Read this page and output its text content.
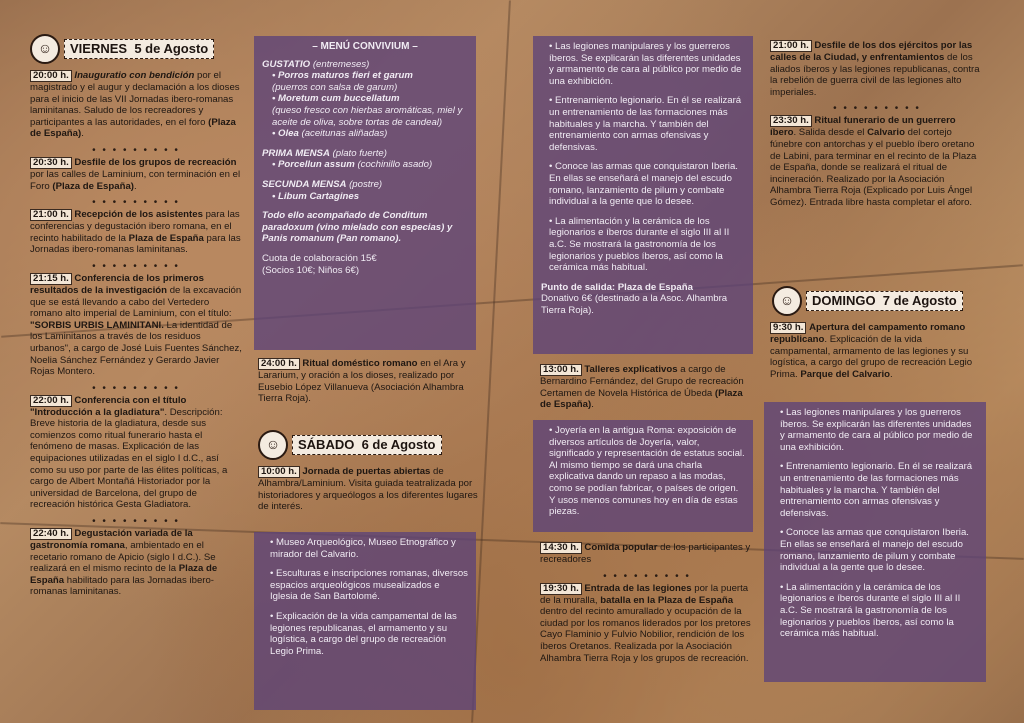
☺	VIERNES 5 de Agosto
20:00 h. Inauguratio con bendición por el magistrado y el augur y declamación a los dioses para el inicio de las VII Jornadas ibero-romanas laminitanas. Saludo de los recreadores y participantes a las autoridades, en el foro (Plaza de España).
• • • • • • • • •
20:30 h. Desfile de los grupos de recreación por las calles de Laminium, con terminación en el Foro (Plaza de España).
• • • • • • • • •
21:00 h. Recepción de los asistentes para las conferencias y degustación ibero romana, en el recinto habilitado de la Plaza de España para las Jornadas ibero-romanas laminitanas.
• • • • • • • • •
21:15 h. Conferencia de los primeros resultados de la investigación de la excavación que se está llevando a cabo del Vertedero romano alto imperial de Laminium, con el título: "SORBIS URBIS LAMINITANI. La identidad de los Laminitanos a través de los residuos urbanos", a cargo de José Luis Fuentes Sánchez, Noelia Sánchez Fernández y Gerardo Javier Rojas Montero.
• • • • • • • • •
22:00 h. Conferencia con el título "Introducción a la gladiatura". Descripción: Breve historia de la gladiatura, desde sus comienzos como ritual funerario hasta el fenómeno de masas. Explicación de las equipaciones utilizadas en el siglo I d.C., así como su uso por parte de las élites políticas, a cargo de Albert Montañá Historiador por la universidad de Barcelona, del grupo de recreación histórica Gesta Gladiatora.
• • • • • • • • •
22:40 h. Degustación variada de la gastronomía romana, ambientado en el recetario romano de Apicio (siglo I d.C.). Se realizará en el mismo recinto de la Plaza de España habilitado para las Jornadas ibero-romanas laminitanas.
– MENÚ CONVIVIUM –
GUSTATIO (entremeses)
• Porros maturos fieri et garum
(puerros con salsa de garum)
• Moretum cum buccellatum
(queso fresco con hierbas aromáticas, miel y aceite de oliva, sobre tortas de candeal)
• Olea (aceitunas aliñadas)
PRIMA MENSA (plato fuerte)
• Porcellun assum (cochinillo asado)
SECUNDA MENSA (postre)
• Libum Cartagines
Todo ello acompañado de Conditum paradoxum (vino mielado con especias) y Panis romanum (Pan romano).
Cuota de colaboración 15€
(Socios 10€; Niños 6€)
24:00 h. Ritual doméstico romano en el Ara y Lararium, y oración a los dioses, realizado por Eusebio López Villanueva (Asociación Alhambra Tierra Roja).
☺	SÁBADO 6 de Agosto
10:00 h. Jornada de puertas abiertas de Alhambra/Laminium. Visita guiada teatralizada por historiadores y arqueólogos a los diferentes lugares de interés.
• Museo Arqueológico, Museo Etnográfico y mirador del Calvario.
• Esculturas e inscripciones romanas, diversos espacios arqueológicos musealizados e Iglesia de San Bartolomé.
• Explicación de la vida campamental de las legiones republicanas, el armamento y su logística, a cargo del grupo de recreación Legio Prima.
• Las legiones manipulares y los guerreros íberos. Se explicarán las diferentes unidades y armamento de cara al público por medio de una exhibición.
• Entrenamiento legionario. En él se realizará un entrenamiento de las formaciones más habituales y la marcha. Y también del entrenamiento con armas ofensivas y defensivas.
• Conoce las armas que conquistaron Iberia. En ellas se enseñará el manejo del escudo romano, lanzamiento de pilum y combate individual a la gente que lo desee.
• La alimentación y la cerámica de los legionarios e íberos durante el siglo III al II a.C. Se mostrará la gastronomía de los legionarios y pueblos íberos, así como la cerámica más habitual.
Punto de salida: Plaza de España
Donativo 6€ (destinado a la Asoc. Alhambra Tierra Roja).
13:00 h. Talleres explicativos a cargo de Bernardino Fernández, del Grupo de recreación Certamen de Novela Histórica de Úbeda (Plaza de España).
• Joyería en la antigua Roma: exposición de diversos artículos de Joyería, valor, significado y representación de estatus social. Al mismo tiempo se dará una charla explicativa dando un repaso a las modas, como se podían fabricar, o países de origen. Y usos menos comunes hoy en día de estas piezas.
14:30 h. Comida popular de los participantes y recreadores
• • • • • • • • •
19:30 h. Entrada de las legiones por la puerta de la muralla, batalla en la Plaza de España dentro del recinto amurallado y ocupación de la ciudad por los romanos liderados por los pretores Cayo Flaminio y Fulvio Nobilior, rendición de los íberos Oretanos. Realizada por la Asociación Alhambra Tierra Roja y los grupos de recreación.
21:00 h. Desfile de los dos ejércitos por las calles de la Ciudad, y enfrentamientos de los aliados íberos y las legiones republicanas, contra la rebelión de guerra civil de las legiones alto imperiales.
• • • • • • • • •
23:30 h. Ritual funerario de un guerrero íbero. Salida desde el Calvario del cortejo fúnebre con antorchas y el pueblo íbero oretano de Labini, para terminar en el recinto de la Plaza de España, donde se realizará el ritual de incineración. Realizado por la Asociación Alhambra Tierra Roja (Explicado por Luis Ángel Gómez). Entrada libre hasta completar el aforo.
☺	DOMINGO 7 de Agosto
9:30 h. Apertura del campamento romano republicano. Explicación de la vida campamental, armamento de las legiones y su logística, a cargo del grupo de recreación Legio Prima. Parque del Calvario.
• Las legiones manipulares y los guerreros íberos. Se explicarán las diferentes unidades y armamento de cara al público por medio de una exhibición.
• Entrenamiento legionario. En él se realizará un entrenamiento de las formaciones más habituales y la marcha. Y también del entrenamiento con armas ofensivas y defensivas.
• Conoce las armas que conquistaron Iberia. En ellas se enseñará el manejo del escudo romano, lanzamiento de pilum y combate individual a la gente que lo desee.
• La alimentación y la cerámica de los legionarios e íberos durante el siglo III al II a.C. Se mostrará la gastronomía de los legionarios y pueblos íberos, así como la cerámica más habitual.
